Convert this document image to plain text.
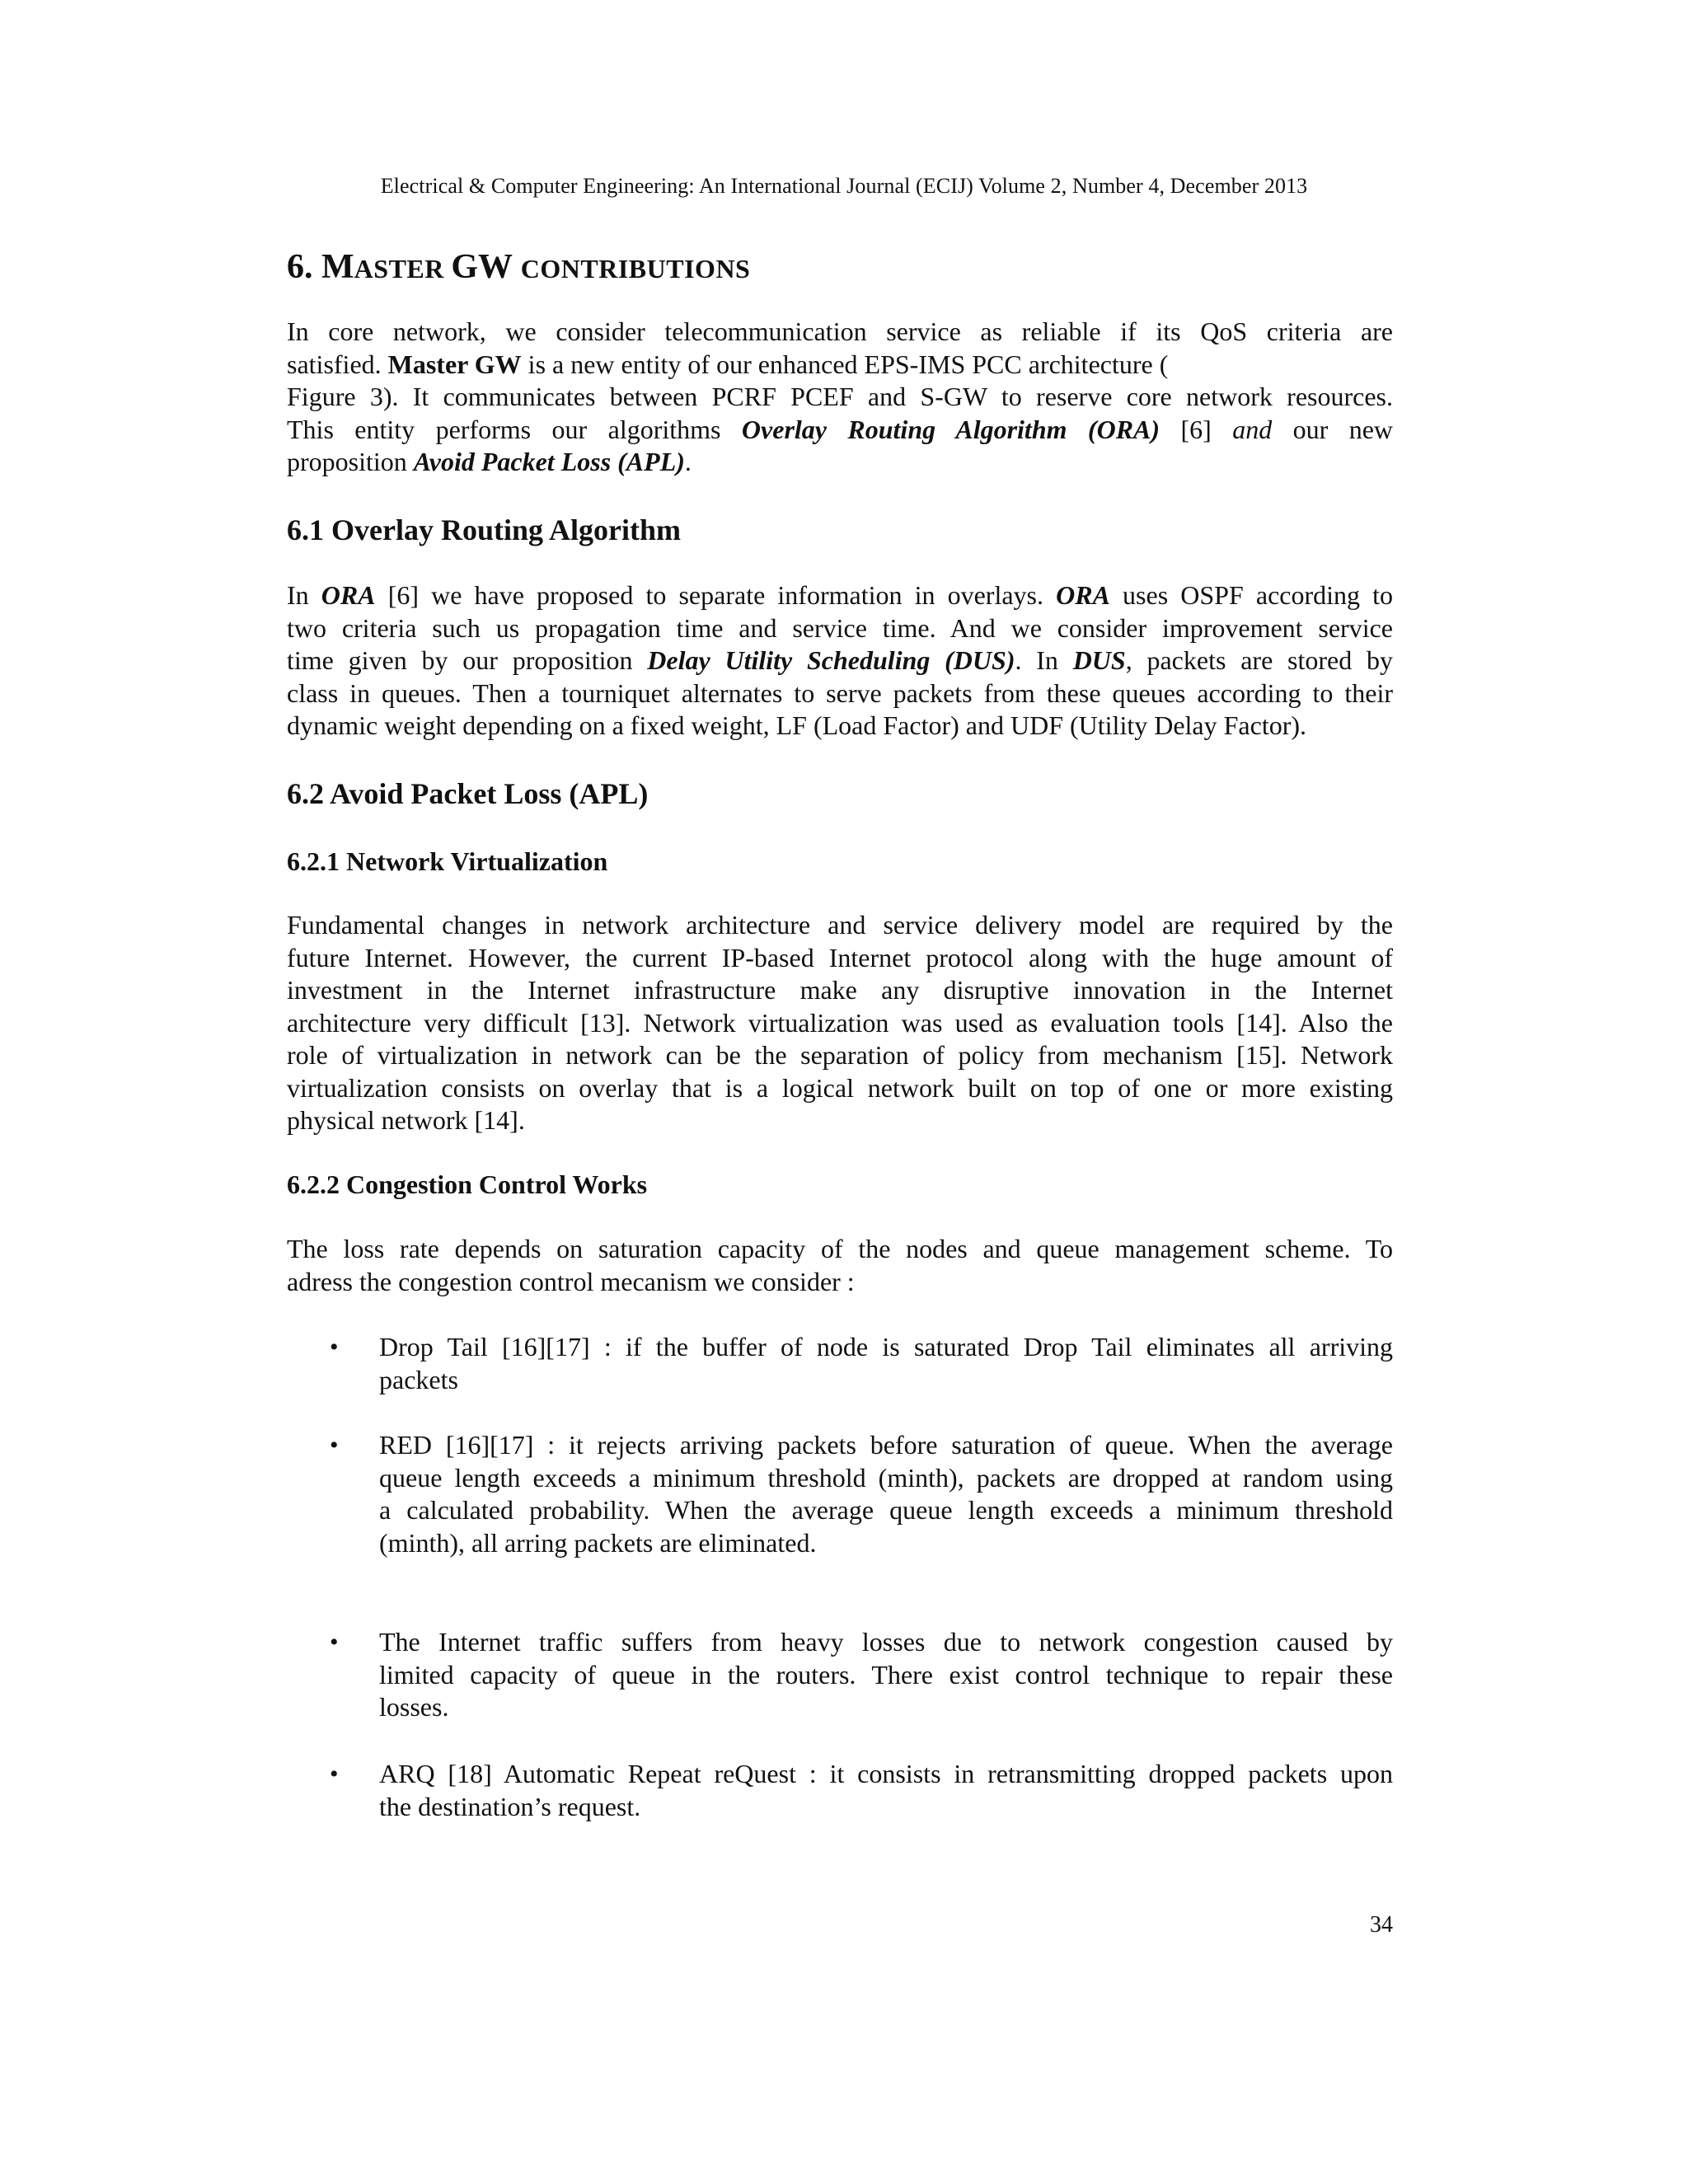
Electrical & Computer Engineering: An International Journal (ECIJ) Volume 2, Number 4, December 2013
6. MASTER GW CONTRIBUTIONS
In core network, we consider telecommunication service as reliable if its QoS criteria are
satisfied. Master GW is a new entity of our enhanced EPS-IMS PCC architecture (
Figure 3). It communicates between PCRF PCEF and S-GW to reserve core network resources.
This entity performs our algorithms Overlay Routing Algorithm (ORA) [6] and our new
proposition Avoid Packet Loss (APL).
6.1 Overlay Routing Algorithm
In ORA [6] we have proposed to separate information in overlays. ORA uses OSPF according to
two criteria such us propagation time and service time. And we consider improvement service
time given by our proposition Delay Utility Scheduling (DUS). In DUS, packets are stored by
class in queues. Then a tourniquet alternates to serve packets from these queues according to their
dynamic weight depending on a fixed weight, LF (Load Factor) and UDF (Utility Delay Factor).
6.2 Avoid Packet Loss (APL)
6.2.1 Network Virtualization
Fundamental changes in network architecture and service delivery model are required by the
future Internet. However, the current IP-based Internet protocol along with the huge amount of
investment in the Internet infrastructure make any disruptive innovation in the Internet
architecture very difficult [13]. Network virtualization was used as evaluation tools [14]. Also the
role of virtualization in network can be the separation of policy from mechanism [15]. Network
virtualization consists on overlay that is a logical network built on top of one or more existing
physical network [14].
6.2.2 Congestion Control Works
The loss rate depends on saturation capacity of the nodes and queue management scheme. To
adress the congestion control mecanism we consider :
• Drop Tail [16][17] : if the buffer of node is saturated Drop Tail eliminates all arriving
packets
• RED [16][17] : it rejects arriving packets before saturation of queue. When the average
queue length exceeds a minimum threshold (minth), packets are dropped at random using
a calculated probability. When the average queue length exceeds a minimum threshold
(minth), all arring packets are eliminated.
• The Internet traffic suffers from heavy losses due to network congestion caused by
limited capacity of queue in the routers. There exist control technique to repair these
losses.
• ARQ [18] Automatic Repeat reQuest : it consists in retransmitting dropped packets upon
the destination’s request.
34
